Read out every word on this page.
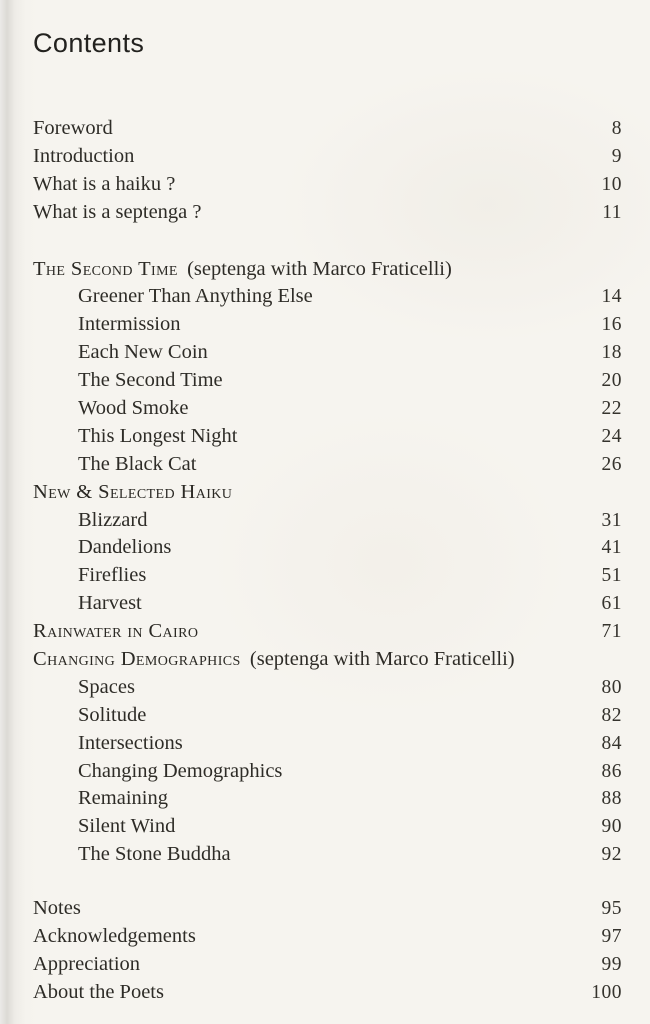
Contents
Foreword	8
Introduction	9
What is a haiku ?	10
What is a septenga ?	11
The Second Time (septenga with Marco Fraticelli)
Greener Than Anything Else	14
Intermission	16
Each New Coin	18
The Second Time	20
Wood Smoke	22
This Longest Night	24
The Black Cat	26
New & Selected Haiku
Blizzard	31
Dandelions	41
Fireflies	51
Harvest	61
Rainwater in Cairo	71
Changing Demographics (septenga with Marco Fraticelli)
Spaces	80
Solitude	82
Intersections	84
Changing Demographics	86
Remaining	88
Silent Wind	90
The Stone Buddha	92
Notes	95
Acknowledgements	97
Appreciation	99
About the Poets	100
